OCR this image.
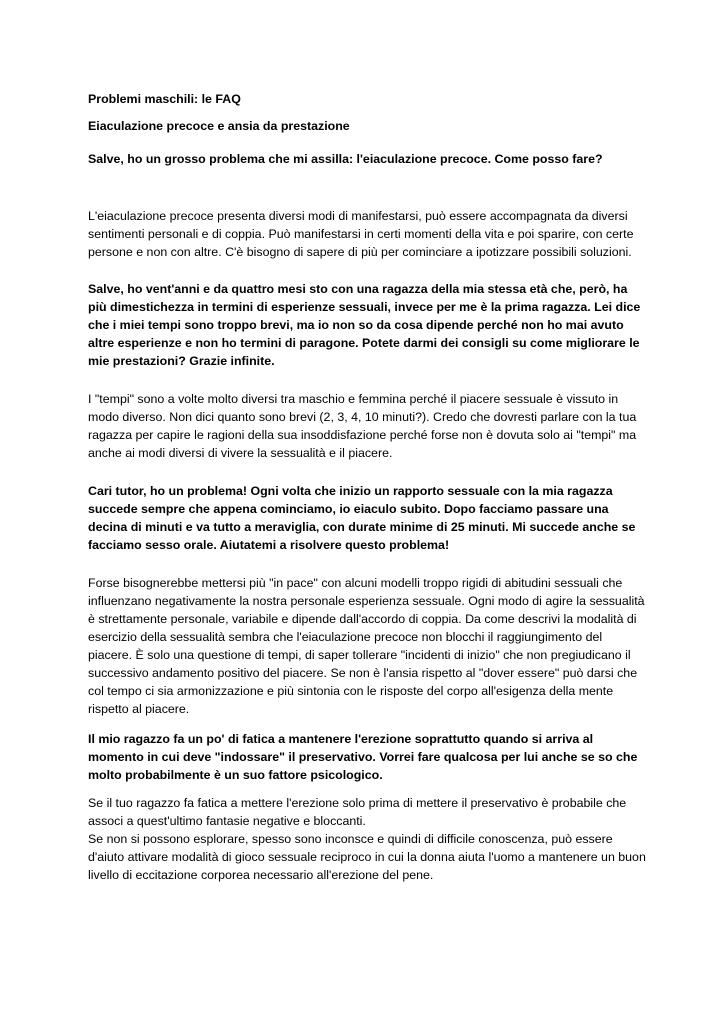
Problemi maschili: le FAQ

Eiaculazione precoce e ansia da prestazione

Salve, ho un grosso problema che mi assilla: l'eiaculazione precoce. Come posso fare?

L'eiaculazione precoce presenta diversi modi di manifestarsi, può essere accompagnata da diversi sentimenti personali e di coppia. Può manifestarsi in certi momenti della vita e poi sparire, con certe persone e non con altre. C'è bisogno di sapere di più per cominciare a ipotizzare possibili soluzioni.

Salve, ho vent'anni e da quattro mesi sto con una ragazza della mia stessa età che, però, ha più dimestichezza in termini di esperienze sessuali, invece per me è la prima ragazza. Lei dice che i miei tempi sono troppo brevi, ma io non so da cosa dipende perché non ho mai avuto altre esperienze e non ho termini di paragone. Potete darmi dei consigli su come migliorare le mie prestazioni? Grazie infinite.

I "tempi" sono a volte molto diversi tra maschio e femmina perché il piacere sessuale è vissuto in modo diverso. Non dici quanto sono brevi (2, 3, 4, 10 minuti?). Credo che dovresti parlare con la tua ragazza per capire le ragioni della sua insoddisfazione perché forse non è dovuta solo ai "tempi" ma anche ai modi diversi di vivere la sessualità e il piacere.

Cari tutor, ho un problema! Ogni volta che inizio un rapporto sessuale con la mia ragazza succede sempre che appena cominciamo, io eiaculo subito. Dopo facciamo passare una decina di minuti e va tutto a meraviglia, con durate minime di 25 minuti. Mi succede anche se facciamo sesso orale. Aiutatemi a risolvere questo problema!

Forse bisognerebbe mettersi più "in pace" con alcuni modelli troppo rigidi di abitudini sessuali che influenzano negativamente la nostra personale esperienza sessuale. Ogni modo di agire la sessualità è strettamente personale, variabile e dipende dall'accordo di coppia. Da come descrivi la modalità di esercizio della sessualità sembra che l'eiaculazione precoce non blocchi il raggiungimento del piacere. È solo una questione di tempi, di saper tollerare "incidenti di inizio" che non pregiudicano il successivo andamento positivo del piacere. Se non è l'ansia rispetto al "dover essere" può darsi che col tempo ci sia armonizzazione e più sintonia con le risposte del corpo all'esigenza della mente rispetto al piacere.

Il mio ragazzo fa un po' di fatica a mantenere l'erezione soprattutto quando si arriva al momento in cui deve "indossare" il preservativo. Vorrei fare qualcosa per lui anche se so che molto probabilmente è un suo fattore psicologico.

Se il tuo ragazzo fa fatica a mettere l'erezione solo prima di mettere il preservativo è probabile che associ a quest'ultimo fantasie negative e bloccanti.

Se non si possono esplorare, spesso sono inconsce e quindi di difficile conoscenza, può essere d'aiuto attivare modalità di gioco sessuale reciproco in cui la donna aiuta l'uomo a mantenere un buon livello di eccitazione corporea necessario all'erezione del pene.
